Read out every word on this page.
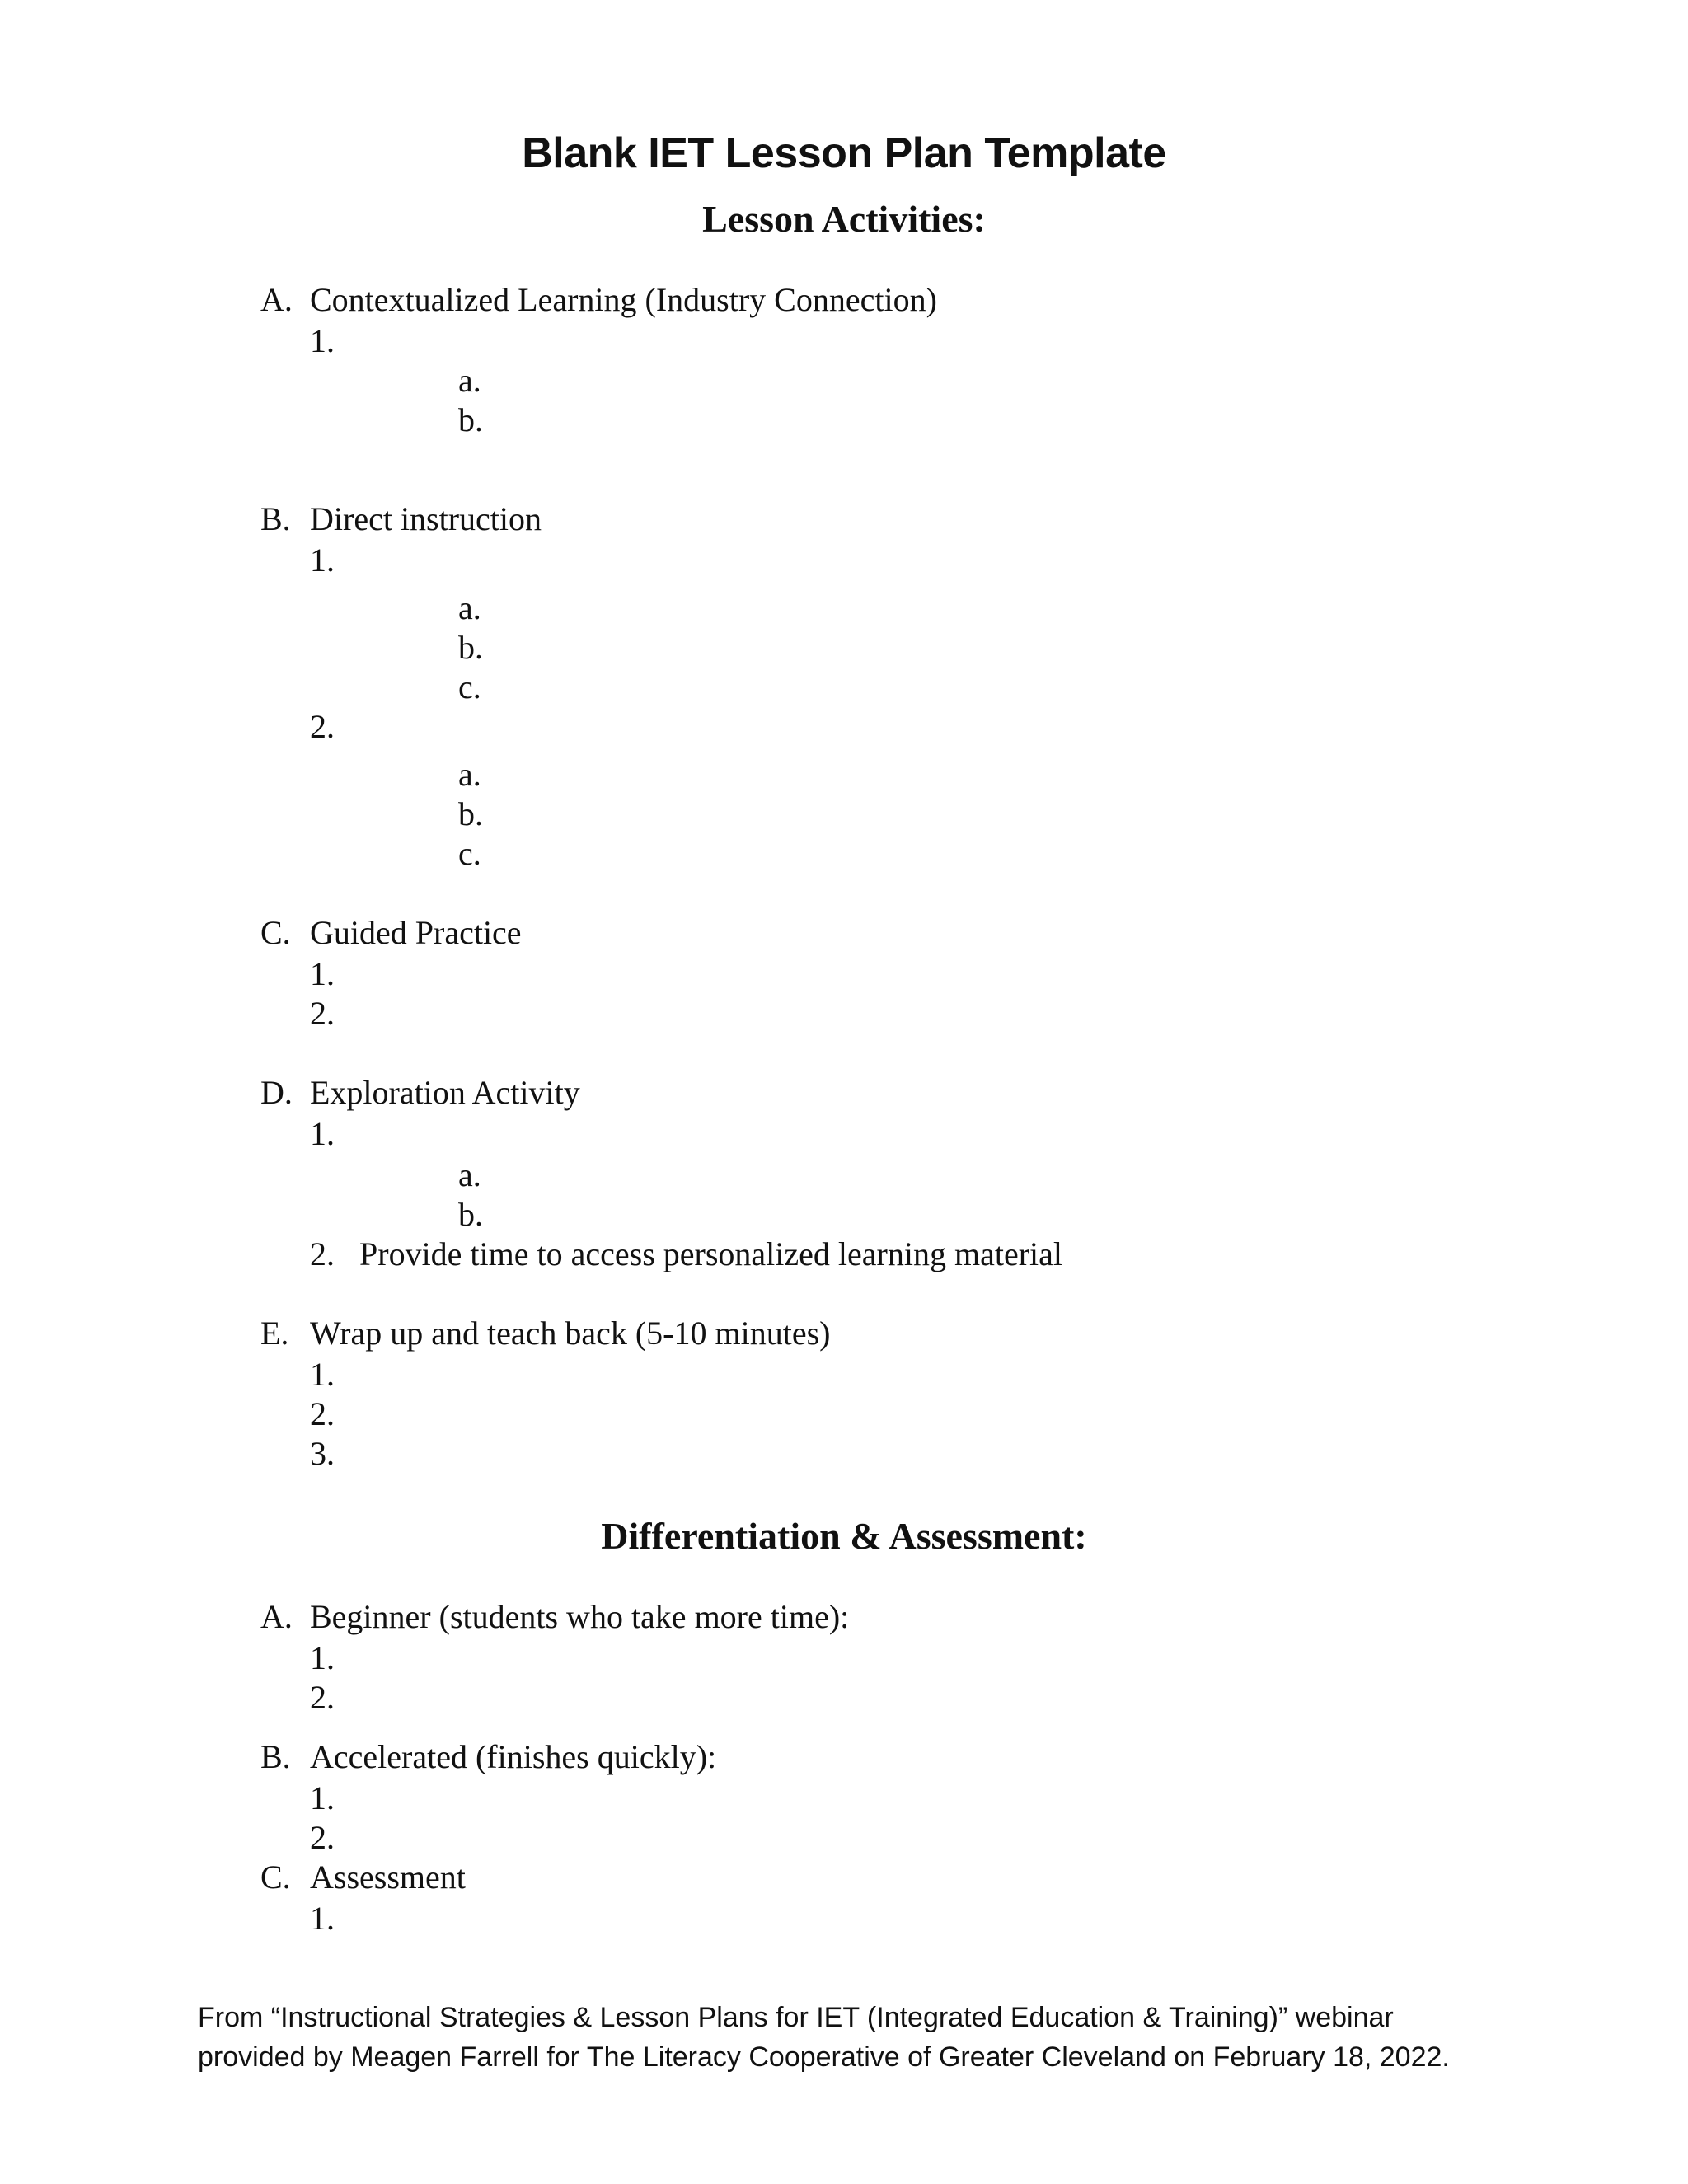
Blank IET Lesson Plan Template
Lesson Activities:
A. Contextualized Learning (Industry Connection)
1.
a.
b.
B. Direct instruction
1.
a.
b.
c.
2.
a.
b.
c.
C. Guided Practice
1.
2.
D. Exploration Activity
1.
a.
b.
2. Provide time to access personalized learning material
E. Wrap up and teach back (5-10 minutes)
1.
2.
3.
Differentiation & Assessment:
A. Beginner (students who take more time):
1.
2.
B. Accelerated (finishes quickly):
1.
2.
C. Assessment
1.
From “Instructional Strategies & Lesson Plans for IET (Integrated Education & Training)” webinar
provided by Meagen Farrell for The Literacy Cooperative of Greater Cleveland on February 18, 2022.
